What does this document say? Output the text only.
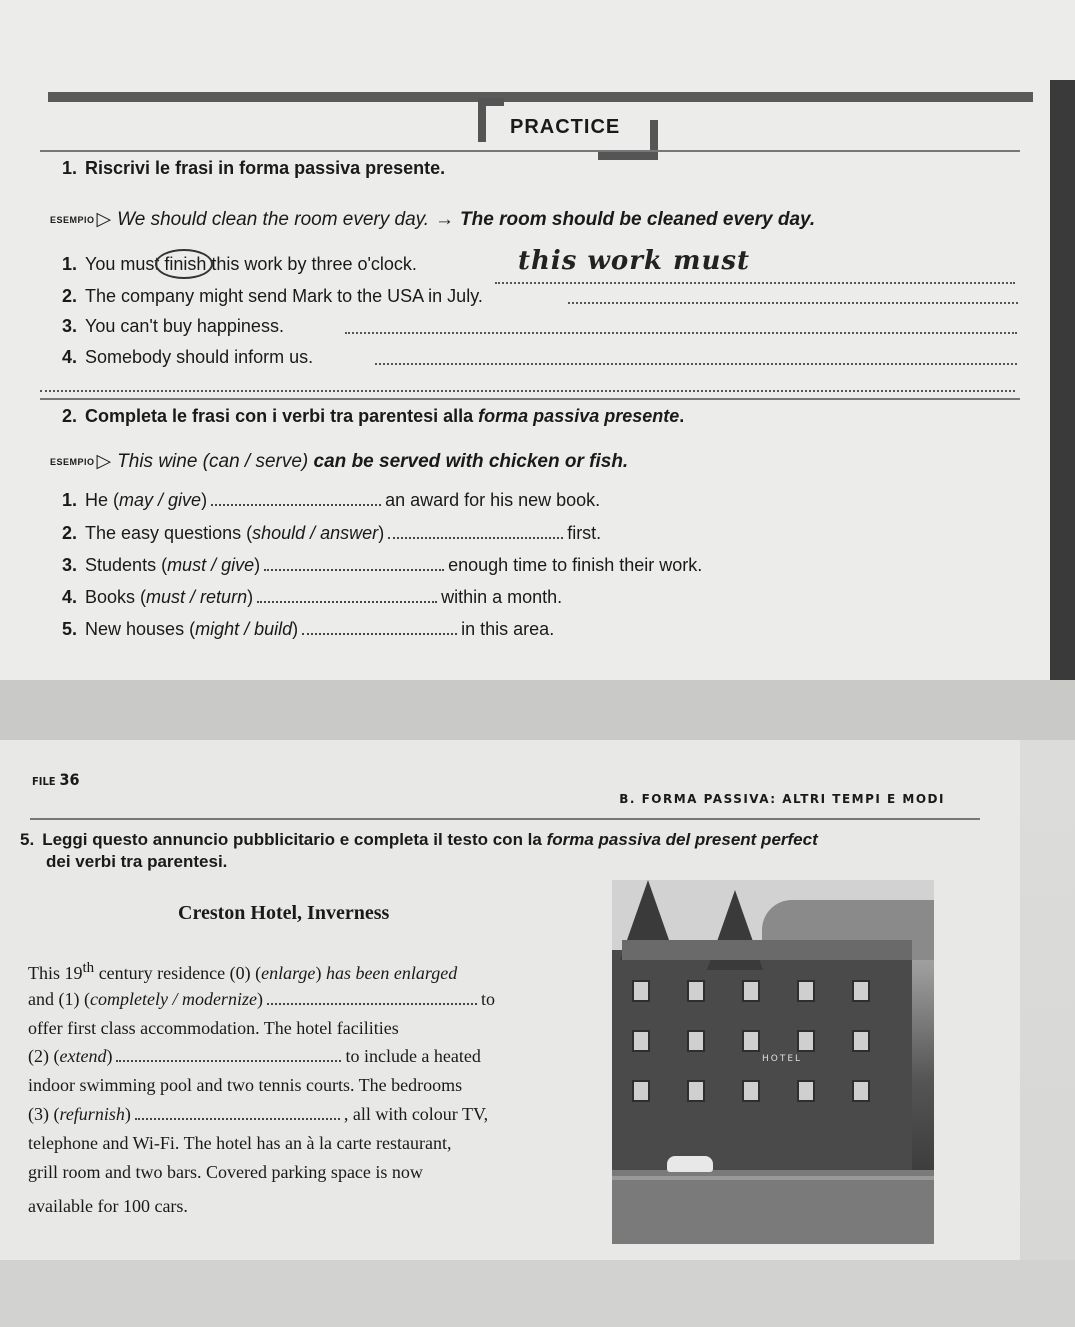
PRACTICE
1. Riscrivi le frasi in forma passiva presente.
ESEMPIO ▷ We should clean the room every day. → The room should be cleaned every day.
1. You must finish this work by three o'clock.	this work must
2. The company might send Mark to the USA in July.
3. You can't buy happiness.
4. Somebody should inform us.
2. Completa le frasi con i verbi tra parentesi alla forma passiva presente.
ESEMPIO ▷ This wine (can / serve) can be served with chicken or fish.
1. He (may / give)	an award for his new book.
2. The easy questions (should / answer)	first.
3. Students (must / give)	enough time to finish their work.
4. Books (must / return)	within a month.
5. New houses (might / build)	in this area.
FILE 36
B. FORMA PASSIVA: ALTRI TEMPI E MODI
5. Leggi questo annuncio pubblicitario e completa il testo con la forma passiva del present perfect
dei verbi tra parentesi.
Creston Hotel, Inverness
This 19th century residence (0) (enlarge) has been enlarged
and (1) (completely / modernize)	to
offer first class accommodation. The hotel facilities
(2) (extend)	to include a heated
indoor swimming pool and two tennis courts. The bedrooms
(3) (refurnish)	, all with colour TV,
telephone and Wi-Fi. The hotel has an à la carte restaurant,
grill room and two bars. Covered parking space is now
available for 100 cars.
HOTEL
